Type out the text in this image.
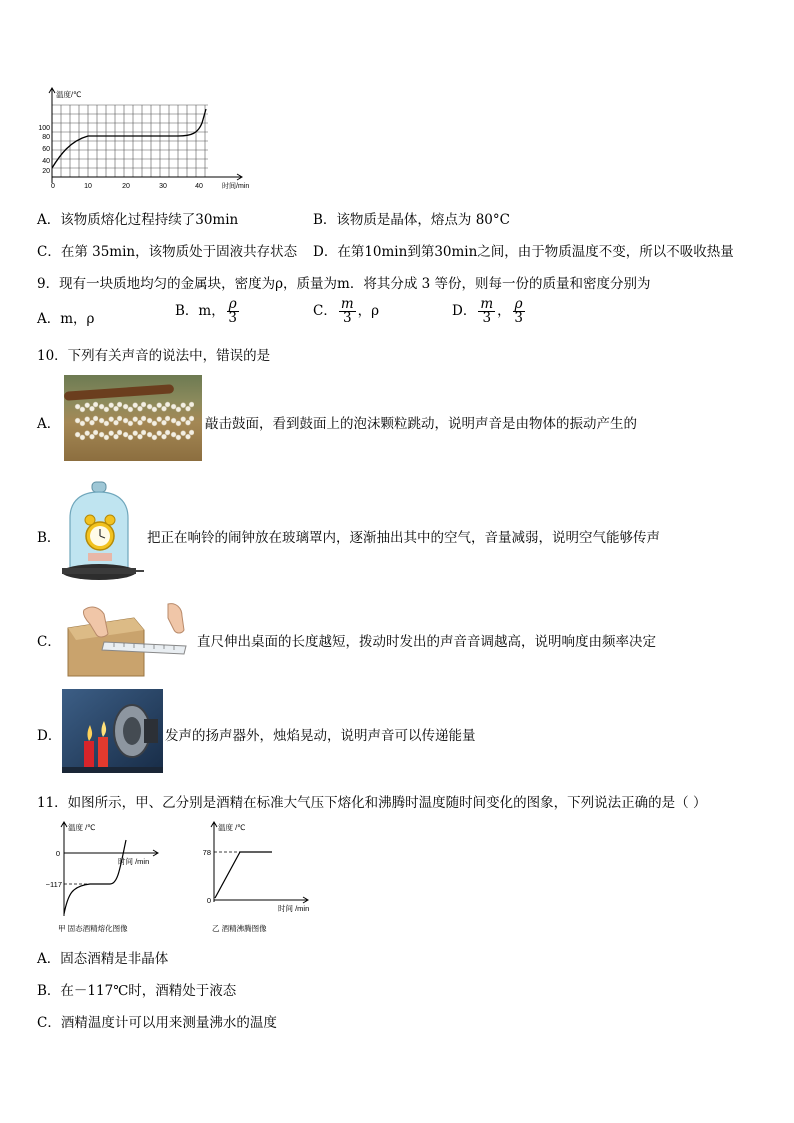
温度/℃
时间/min
100
80
60
40
20
0	10	20	30	40
A．该物质熔化过程持续了30min	B．该物质是晶体，熔点为 80°C
C．在第 35min，该物质处于固液共存状态 D．在第10min到第30min之间，由于物质温度不变，所以不吸收热量
9．现有一块质地均匀的金属块，密度为ρ，质量为m．将其分成 3 等份，则每一份的质量和密度分别为
A．m，ρ	B．m， $\frac{\rho}{3}$	C． $\frac{m}{3}$ ，ρ	D． $\frac{m}{3}$ ， $\frac{\rho}{3}$
10．下列有关声音的说法中，错误的是
A．	敲击鼓面，看到鼓面上的泡沫颗粒跳动，说明声音是由物体的振动产生的
B．	把正在响铃的闹钟放在玻璃罩内，逐渐抽出其中的空气，音量减弱，说明空气能够传声
C．	直尺伸出桌面的长度越短，拨动时发出的声音音调越高，说明响度由频率决定
D．	发声的扬声器外，烛焰晃动，说明声音可以传递能量
11．如图所示，甲、乙分别是酒精在标准大气压下熔化和沸腾时温度随时间变化的图象，下列说法正确的是（ ）
温度 /℃
时间 /min
0
−117
甲 固态酒精熔化图像
温度 /℃
时间 /min
78
0
乙 酒精沸腾图像
A．固态酒精是非晶体
B．在－117℃时，酒精处于液态
C．酒精温度计可以用来测量沸水的温度
